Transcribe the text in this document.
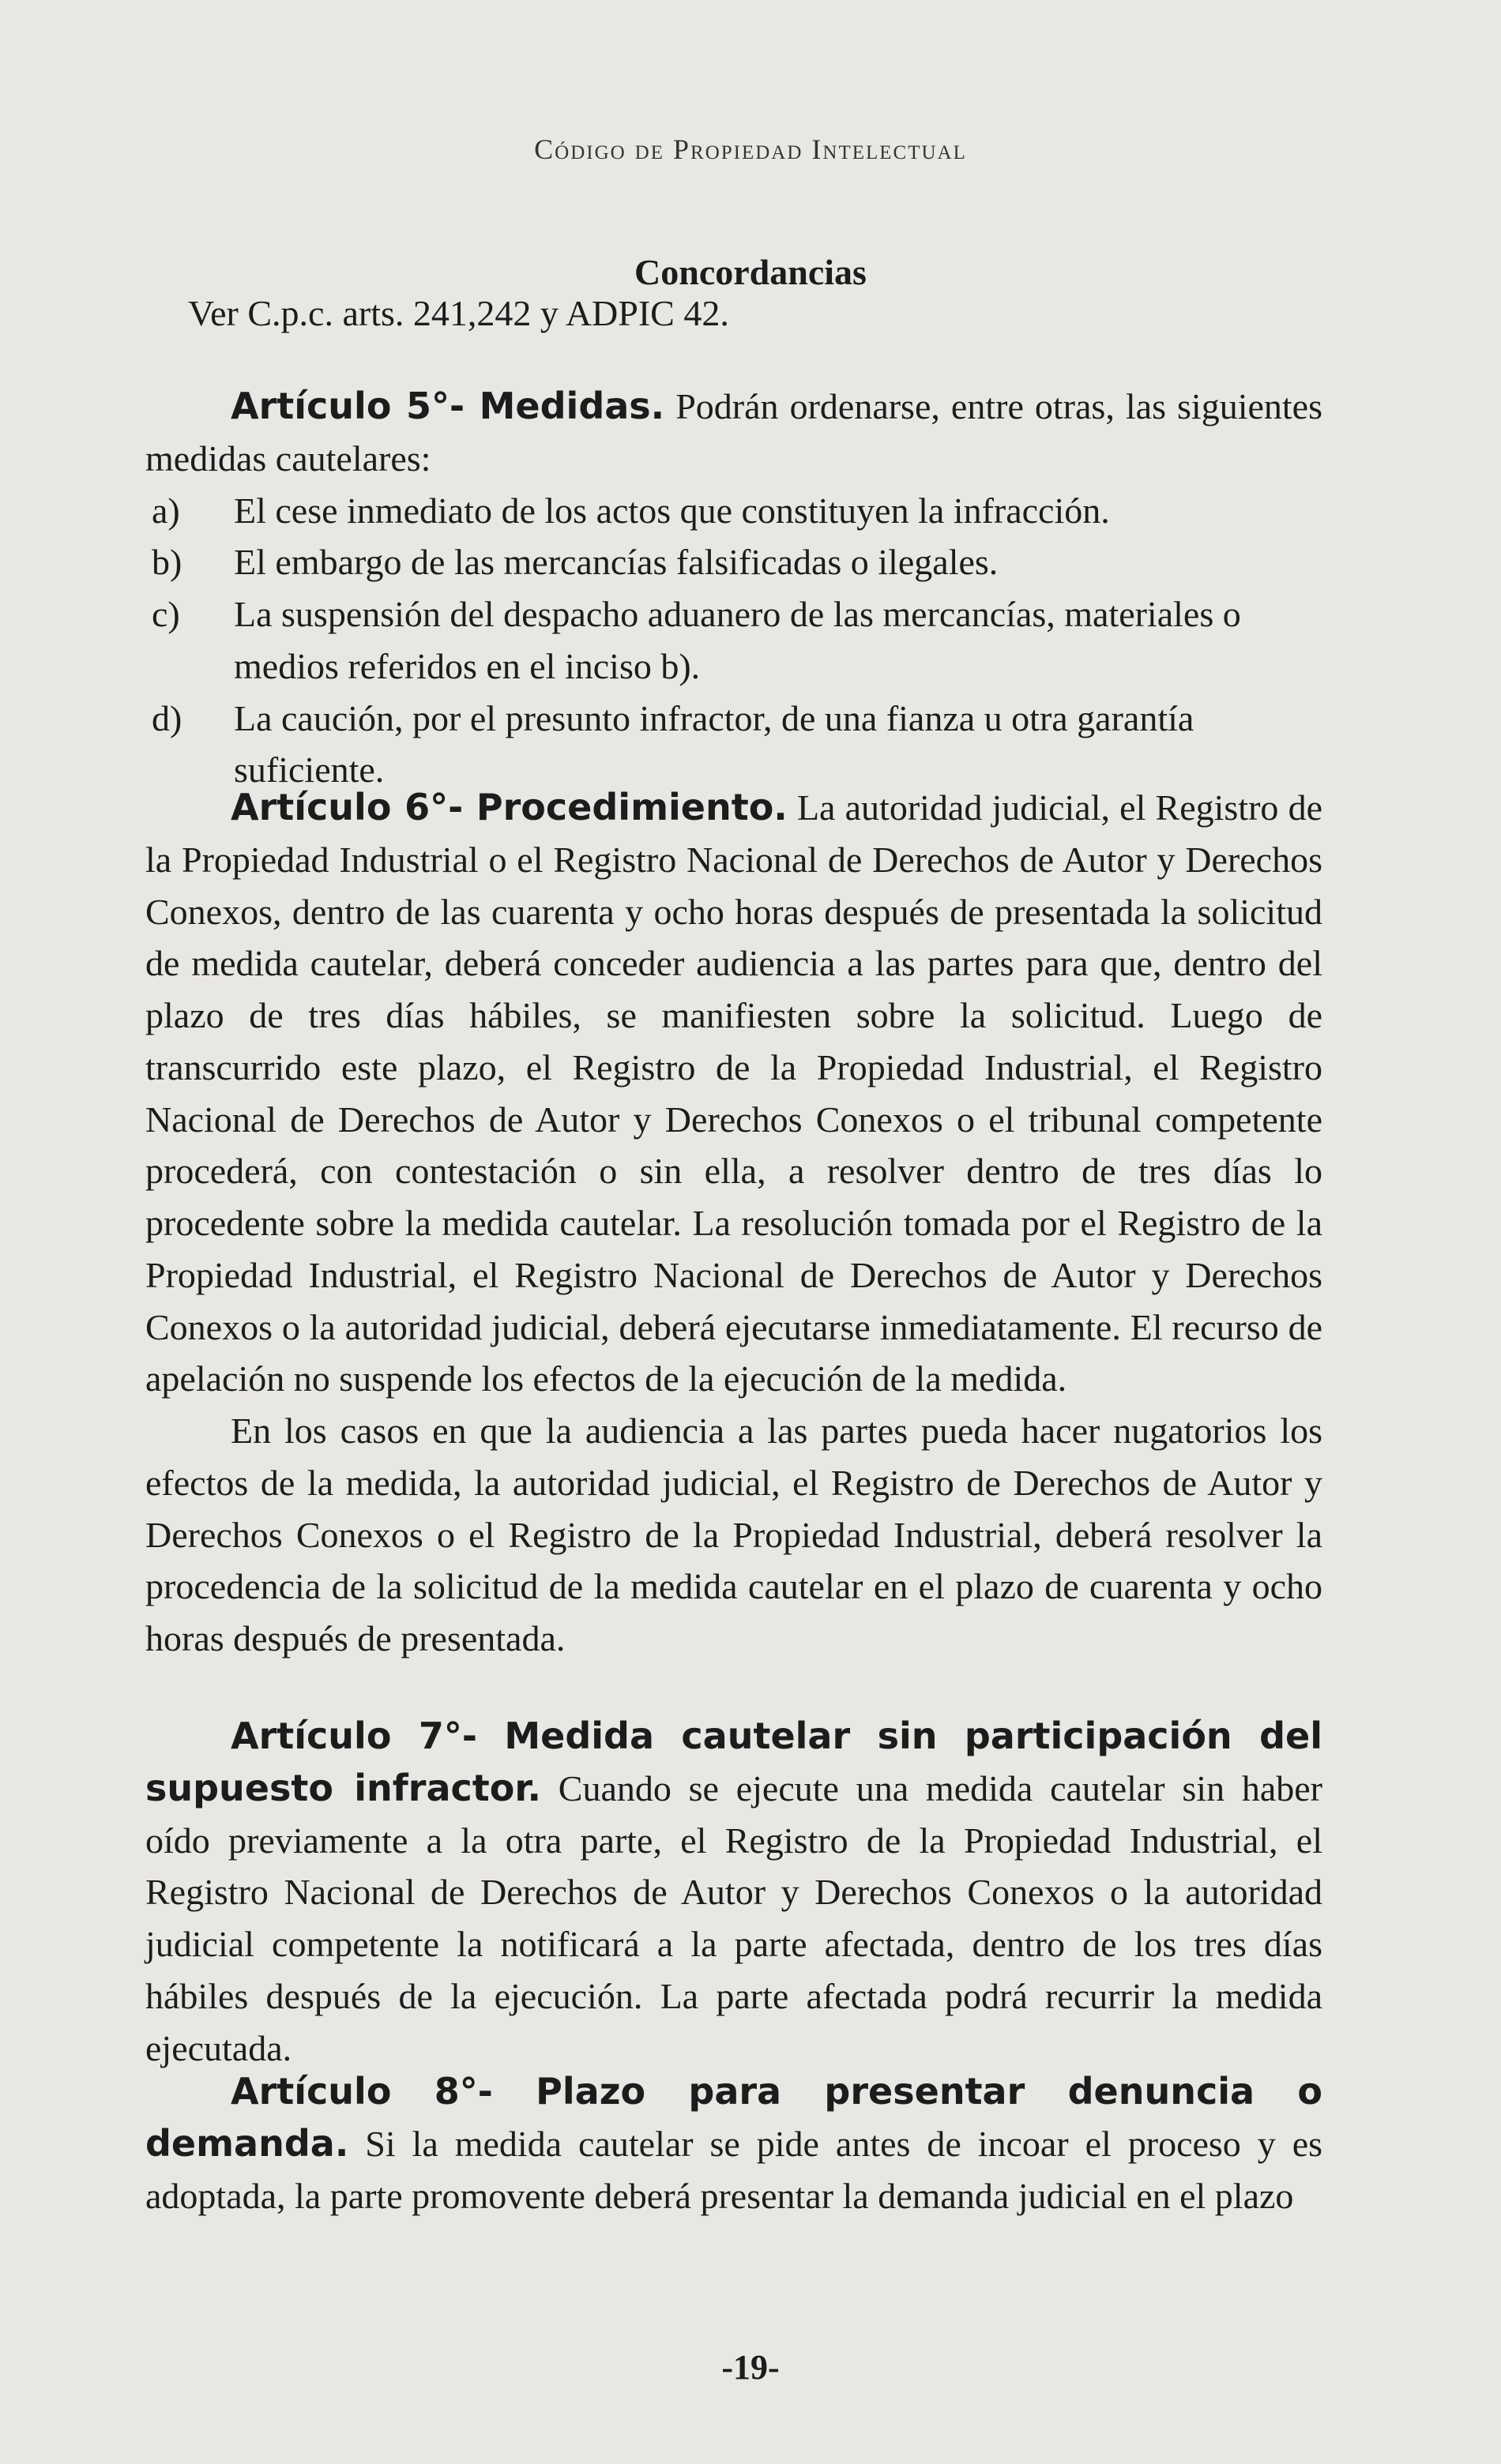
Código de Propiedad Intelectual
Concordancias
Ver C.p.c. arts. 241,242 y ADPIC 42.

Artículo 5°- Medidas. Podrán ordenarse, entre otras, las siguientes medidas cautelares:

a) El cese inmediato de los actos que constituyen la infracción.
b) El embargo de las mercancías falsificadas o ilegales.
c) La suspensión del despacho aduanero de las mercancías, materiales o medios referidos en el inciso b).
d) La caución, por el presunto infractor, de una fianza u otra garantía suficiente.

Artículo 6°- Procedimiento. La autoridad judicial, el Registro de la Propiedad Industrial o el Registro Nacional de Derechos de Autor y Derechos Conexos, dentro de las cuarenta y ocho horas después de presentada la solicitud de medida cautelar, deberá conceder audiencia a las partes para que, dentro del plazo de tres días hábiles, se manifiesten sobre la solicitud. Luego de transcurrido este plazo, el Registro de la Propiedad Industrial, el Registro Nacional de Derechos de Autor y Derechos Conexos o el tribunal competente procederá, con contestación o sin ella, a resolver dentro de tres días lo procedente sobre la medida cautelar. La resolución tomada por el Registro de la Propiedad Industrial, el Registro Nacional de Derechos de Autor y Derechos Conexos o la autoridad judicial, deberá ejecutarse inmediatamente. El recurso de apelación no suspende los efectos de la ejecución de la medida.

En los casos en que la audiencia a las partes pueda hacer nugatorios los efectos de la medida, la autoridad judicial, el Registro de Derechos de Autor y Derechos Conexos o el Registro de la Propiedad Industrial, deberá resolver la procedencia de la solicitud de la medida cautelar en el plazo de cuarenta y ocho horas después de presentada.

Artículo 7°- Medida cautelar sin participación del supuesto infractor. Cuando se ejecute una medida cautelar sin haber oído previamente a la otra parte, el Registro de la Propiedad Industrial, el Registro Nacional de Derechos de Autor y Derechos Conexos o la autoridad judicial competente la notificará a la parte afectada, dentro de los tres días hábiles después de la ejecución. La parte afectada podrá recurrir la medida ejecutada.

Artículo 8°- Plazo para presentar denuncia o demanda. Si la medida cautelar se pide antes de incoar el proceso y es adoptada, la parte promovente deberá presentar la demanda judicial en el plazo

-19-
